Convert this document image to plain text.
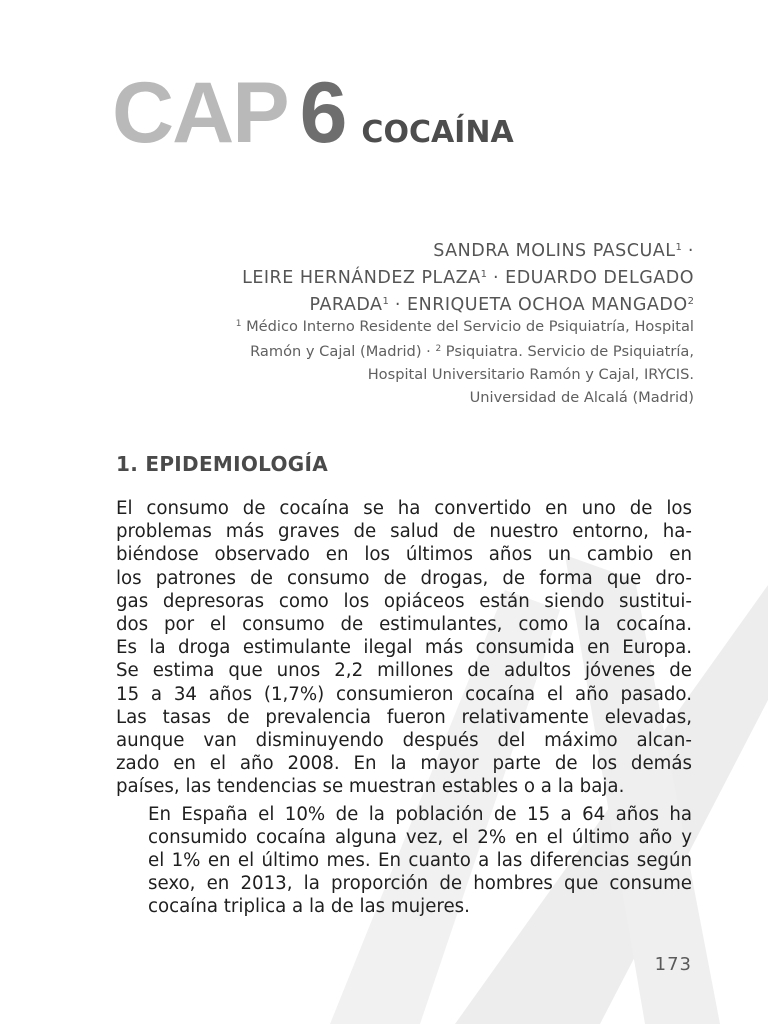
CAP 6 COCAÍNA
SANDRA MOLINS $PASCUAL^1$ ·
LEIRE HERNÁNDEZ $PLAZA^1$ · EDUARDO DELGADO
$PARADA^1$ · ENRIQUETA OCHOA MANGADO$^2$
$^1$ Médico Interno Residente del Servicio de Psiquiatría, Hospital
Ramón y Cajal (Madrid) · $^2$ Psiquiatra. Servicio de Psiquiatría,
Hospital Universitario Ramón y Cajal, IRYCIS.
Universidad de Alcalá (Madrid)
1. EPIDEMIOLOGÍA

El consumo de cocaína se ha convertido en uno de los
problemas más graves de salud de nuestro entorno, ha-
biéndose observado en los últimos años un cambio en
los patrones de consumo de drogas, de forma que dro-
gas depresoras como los opiáceos están siendo sustitui-
dos por el consumo de estimulantes, como la cocaína.
Es la droga estimulante ilegal más consumida en Europa.
Se estima que unos 2,2 millones de adultos jóvenes de
15 a 34 años (1,7%) consumieron cocaína el año pasado.
Las tasas de prevalencia fueron relativamente elevadas,
aunque van disminuyendo después del máximo alcan-
zado en el año 2008. En la mayor parte de los demás
países, las tendencias se muestran estables o a la baja.

En España el 10% de la población de 15 a 64 años ha
consumido cocaína alguna vez, el 2% en el último año y
el 1% en el último mes. En cuanto a las diferencias según
sexo, en 2013, la proporción de hombres que consume
cocaína triplica a la de las mujeres.

173
